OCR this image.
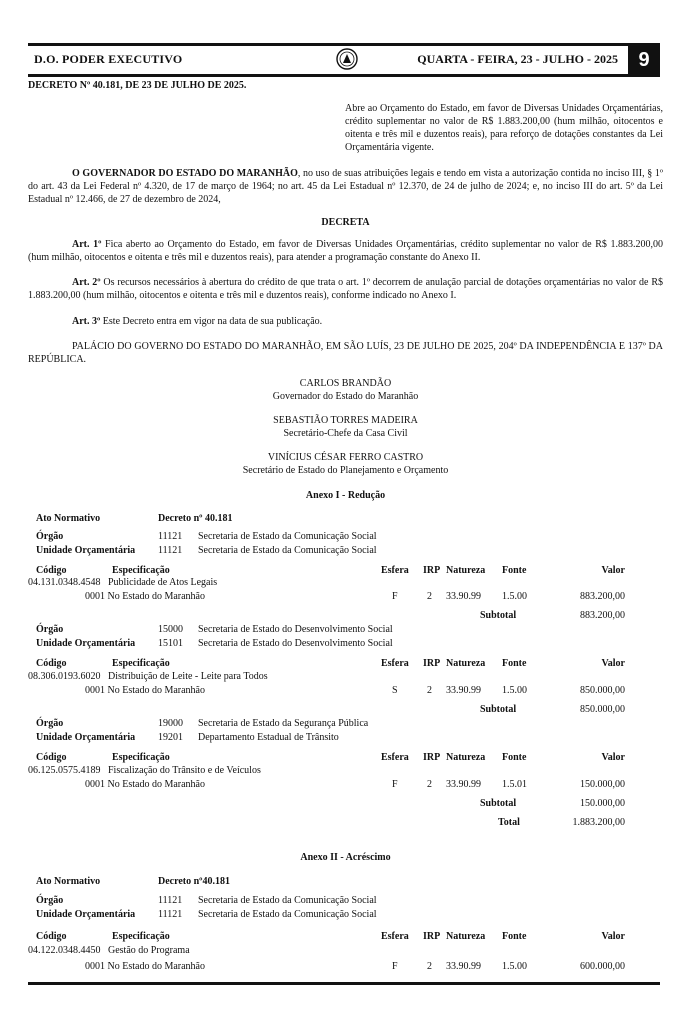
D.O. PODER EXECUTIVO	QUARTA - FEIRA, 23 - JULHO - 2025	9
DECRETO Nº 40.181, DE 23 DE JULHO DE 2025.
Abre ao Orçamento do Estado, em favor de Diversas Unidades Orçamentárias, crédito suplementar no valor de R$ 1.883.200,00 (hum milhão, oitocentos e oitenta e três mil e duzentos reais), para reforço de dotações constantes da Lei Orçamentária vigente.
O GOVERNADOR DO ESTADO DO MARANHÃO, no uso de suas atribuições legais e tendo em vista a autorização contida no inciso III, § 1º do art. 43 da Lei Federal nº 4.320, de 17 de março de 1964; no art. 45 da Lei Estadual nº 12.370, de 24 de julho de 2024; e, no inciso III do art. 5º da Lei Estadual nº 12.466, de 27 de dezembro de 2024,
DECRETA
Art. 1º Fica aberto ao Orçamento do Estado, em favor de Diversas Unidades Orçamentárias, crédito suplementar no valor de R$ 1.883.200,00 (hum milhão, oitocentos e oitenta e três mil e duzentos reais), para atender a programação constante do Anexo II.
Art. 2º Os recursos necessários à abertura do crédito de que trata o art. 1º decorrem de anulação parcial de dotações orçamentárias no valor de R$ 1.883.200,00 (hum milhão, oitocentos e oitenta e três mil e duzentos reais), conforme indicado no Anexo I.
Art. 3º Este Decreto entra em vigor na data de sua publicação.
PALÁCIO DO GOVERNO DO ESTADO DO MARANHÃO, EM SÃO LUÍS, 23 DE JULHO DE 2025, 204º DA INDEPENDÊNCIA E 137º DA REPÚBLICA.
CARLOS BRANDÃO
Governador do Estado do Maranhão
SEBASTIÃO TORRES MADEIRA
Secretário-Chefe da Casa Civil
VINÍCIUS CÉSAR FERRO CASTRO
Secretário de Estado do Planejamento e Orçamento
Anexo I - Redução
Ato Normativo	Decreto nº 40.181
Órgão	11121 Secretaria de Estado da Comunicação Social
Unidade Orçamentária 11121 Secretaria de Estado da Comunicação Social
Código	Especificação	Esfera IRP Natureza Fonte	Valor
04.131.0348.4548   Publicidade de Atos Legais
0001 No Estado do Maranhão	F	2 33.90.99 1.5.00	883.200,00
Subtotal	883.200,00
Órgão	15000 Secretaria de Estado do Desenvolvimento Social
Unidade Orçamentária 15101 Secretaria de Estado do Desenvolvimento Social
Código	Especificação	Esfera IRP Natureza Fonte	Valor
08.306.0193.6020   Distribuição de Leite - Leite para Todos
0001 No Estado do Maranhão	S	2 33.90.99 1.5.00	850.000,00
Subtotal	850.000,00
Órgão	19000 Secretaria de Estado da Segurança Pública
Unidade Orçamentária 19201 Departamento Estadual de Trânsito
Código	Especificação	Esfera IRP Natureza Fonte	Valor
06.125.0575.4189   Fiscalização do Trânsito e de Veículos
0001 No Estado do Maranhão	F	2 33.90.99 1.5.01	150.000,00
Subtotal	150.000,00
Total	1.883.200,00
Anexo II - Acréscimo
Ato Normativo	Decreto nº40.181
Órgão	11121 Secretaria de Estado da Comunicação Social
Unidade Orçamentária 11121 Secretaria de Estado da Comunicação Social
Código	Especificação	Esfera IRP Natureza Fonte	Valor
04.122.0348.4450   Gestão do Programa
0001 No Estado do Maranhão	F	2 33.90.99 1.5.00	600.000,00
